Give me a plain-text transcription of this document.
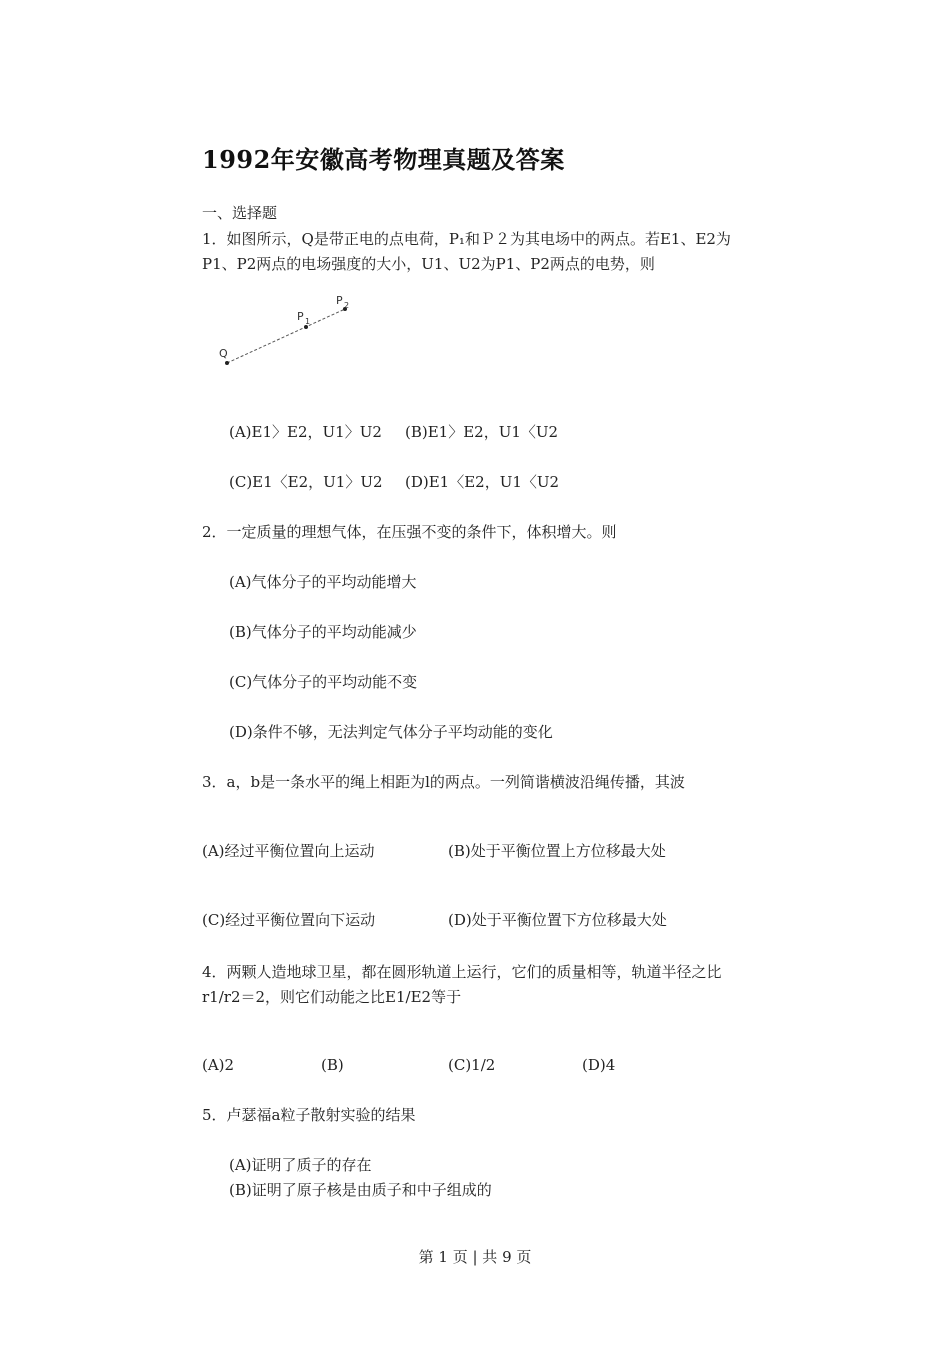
1992年安徽高考物理真题及答案
一、选择题
1．如图所示，Q是带正电的点电荷，P₁和Ｐ２为其电场中的两点。若E1、E2为
P1、P2两点的电场强度的大小，U1、U2为P1、P2两点的电势，则
Q
P 1
P 2
(A)E1〉E2，U1〉U2 (B)E1〉E2，U1〈U2
(C)E1〈E2，U1〉U2 (D)E1〈E2，U1〈U2
2．一定质量的理想气体，在压强不变的条件下，体积增大。则
(A)气体分子的平均动能增大
(B)气体分子的平均动能减少
(C)气体分子的平均动能不变
(D)条件不够，无法判定气体分子平均动能的变化
3．a，b是一条水平的绳上相距为l的两点。一列简谐横波沿绳传播，其波
(A)经过平衡位置向上运动	(B)处于平衡位置上方位移最大处
(C)经过平衡位置向下运动	(D)处于平衡位置下方位移最大处
4．两颗人造地球卫星，都在圆形轨道上运行，它们的质量相等，轨道半径之比
r1/r2＝2，则它们动能之比E1/E2等于
(A)2	(B)	(C)1/2	(D)4
5．卢瑟福a粒子散射实验的结果
(A)证明了质子的存在
(B)证明了原子核是由质子和中子组成的
第 1 页 | 共 9 页
